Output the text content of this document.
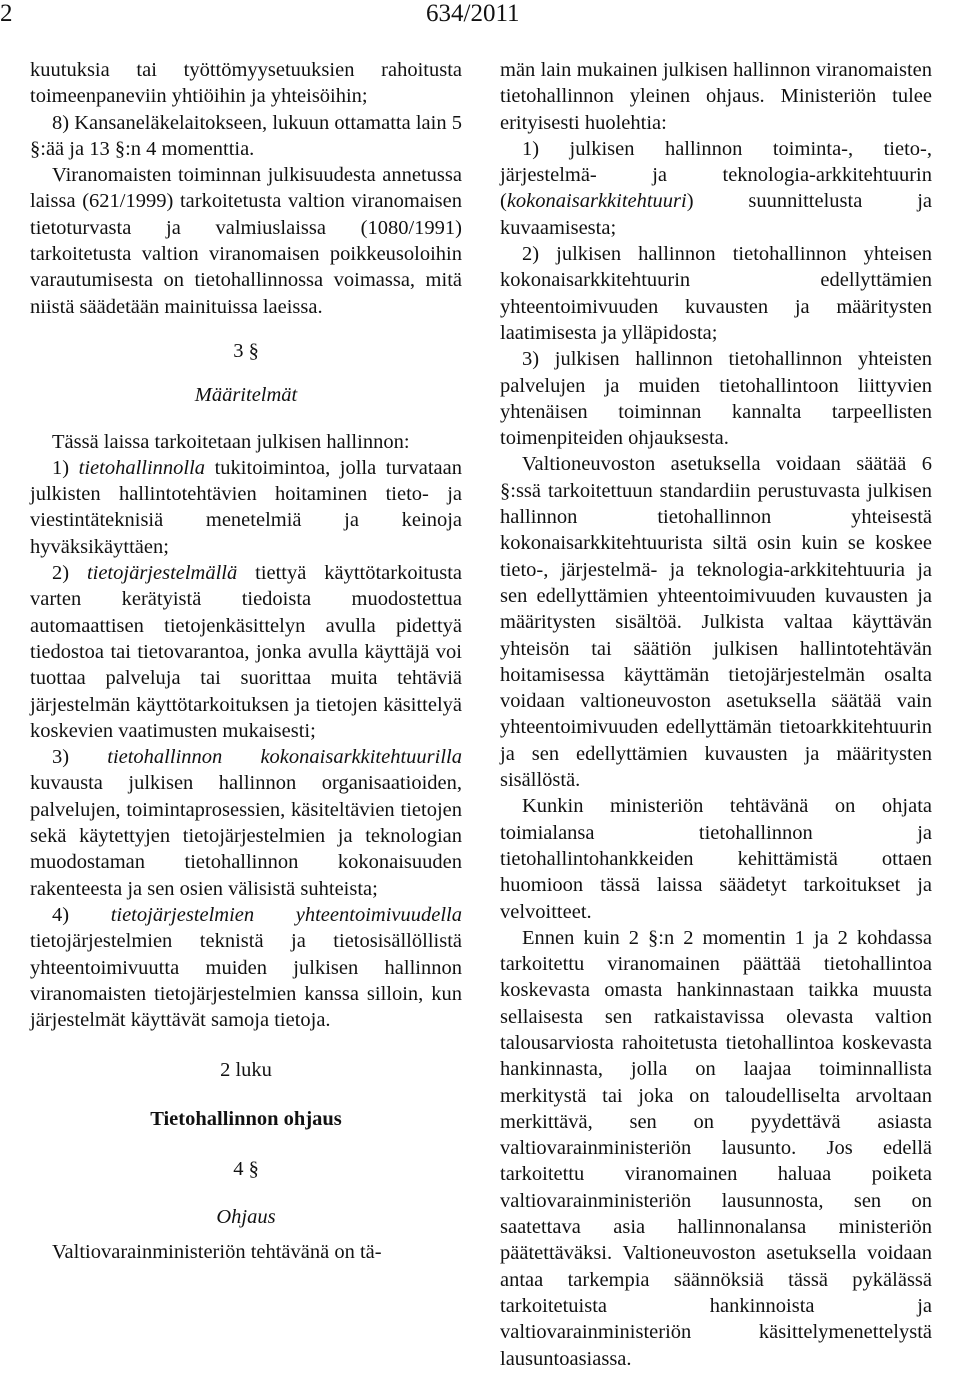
2	634/2011

kuutuksia tai työttömyysetuuksien rahoitusta toimeenpaneviin yhtiöihin ja yhteisöihin;

8) Kansaneläkelaitokseen, lukuun ottamatta lain 5 §:ää ja 13 §:n 4 momenttia.

Viranomaisten toiminnan julkisuudesta annetussa laissa (621/1999) tarkoitetusta valtion viranomaisen tietoturvasta ja valmiuslaissa (1080/1991) tarkoitetusta valtion viranomaisen poikkeusoloihin varautumisesta on tietohallinnossa voimassa, mitä niistä säädetään mainituissa laeissa.

3 §

Määritelmät

Tässä laissa tarkoitetaan julkisen hallinnon:

1) tietohallinnolla tukitoimintoa, jolla turvataan julkisten hallintotehtävien hoitaminen tieto- ja viestintäteknisiä menetelmiä ja keinoja hyväksikäyttäen;

2) tietojärjestelmällä tiettyä käyttötarkoitusta varten kerätyistä tiedoista muodostettua automaattisen tietojenkäsittelyn avulla pidettyä tiedostoa tai tietovarantoa, jonka avulla käyttäjä voi tuottaa palveluja tai suorittaa muita tehtäviä järjestelmän käyttötarkoituksen ja tietojen käsittelyä koskevien vaatimusten mukaisesti;

3) tietohallinnon kokonaisarkkitehtuurilla kuvausta julkisen hallinnon organisaatioiden, palvelujen, toimintaprosessien, käsiteltävien tietojen sekä käytettyjen tietojärjestelmien ja teknologian muodostaman tietohallinnon kokonaisuuden rakenteesta ja sen osien välisistä suhteista;

4) tietojärjestelmien yhteentoimivuudella tietojärjestelmien teknistä ja tietosisällöllistä yhteentoimivuutta muiden julkisen hallinnon viranomaisten tietojärjestelmien kanssa silloin, kun järjestelmät käyttävät samoja tietoja.

2 luku

Tietohallinnon ohjaus

4 §

Ohjaus

Valtiovarainministeriön tehtävänä on tä-

män lain mukainen julkisen hallinnon viranomaisten tietohallinnon yleinen ohjaus. Ministeriön tulee erityisesti huolehtia:

1) julkisen hallinnon toiminta-, tieto-, järjestelmä- ja teknologia-arkkitehtuurin (kokonaisarkkitehtuuri) suunnittelusta ja kuvaamisesta;

2) julkisen hallinnon tietohallinnon yhteisen kokonaisarkkitehtuurin edellyttämien yhteentoimivuuden kuvausten ja määritysten laatimisesta ja ylläpidosta;

3) julkisen hallinnon tietohallinnon yhteisten palvelujen ja muiden tietohallintoon liittyvien yhtenäisen toiminnan kannalta tarpeellisten toimenpiteiden ohjauksesta.

Valtioneuvoston asetuksella voidaan säätää 6 §:ssä tarkoitettuun standardiin perustuvasta julkisen hallinnon tietohallinnon yhteisestä kokonaisarkkitehtuurista siltä osin kuin se koskee tieto-, järjestelmä- ja teknologia-arkkitehtuuria ja sen edellyttämien yhteentoimivuuden kuvausten ja määritysten sisältöä. Julkista valtaa käyttävän yhteisön tai säätiön julkisen hallintotehtävän hoitamisessa käyttämän tietojärjestelmän osalta voidaan valtioneuvoston asetuksella säätää vain yhteentoimivuuden edellyttämän tietoarkkitehtuurin ja sen edellyttämien kuvausten ja määritysten sisällöstä.

Kunkin ministeriön tehtävänä on ohjata toimialansa tietohallinnon ja tietohallintohankkeiden kehittämistä ottaen huomioon tässä laissa säädetyt tarkoitukset ja velvoitteet.

Ennen kuin 2 §:n 2 momentin 1 ja 2 kohdassa tarkoitettu viranomainen päättää tietohallintoa koskevasta omasta hankinnastaan taikka muusta sellaisesta sen ratkaistavissa olevasta valtion talousarviosta rahoitetusta tietohallintoa koskevasta hankinnasta, jolla on laajaa toiminnallista merkitystä tai joka on taloudelliselta arvoltaan merkittävä, sen on pyydettävä asiasta valtiovarainministeriön lausunto. Jos edellä tarkoitettu viranomainen haluaa poiketa valtiovarainministeriön lausunnosta, sen on saatettava asia hallinnonalansa ministeriön päätettäväksi. Valtioneuvoston asetuksella voidaan antaa tarkempia säännöksiä tässä pykälässä tarkoitetuista hankinnoista ja valtiovarainministeriön käsittelymenettelystä lausuntoasiassa.
